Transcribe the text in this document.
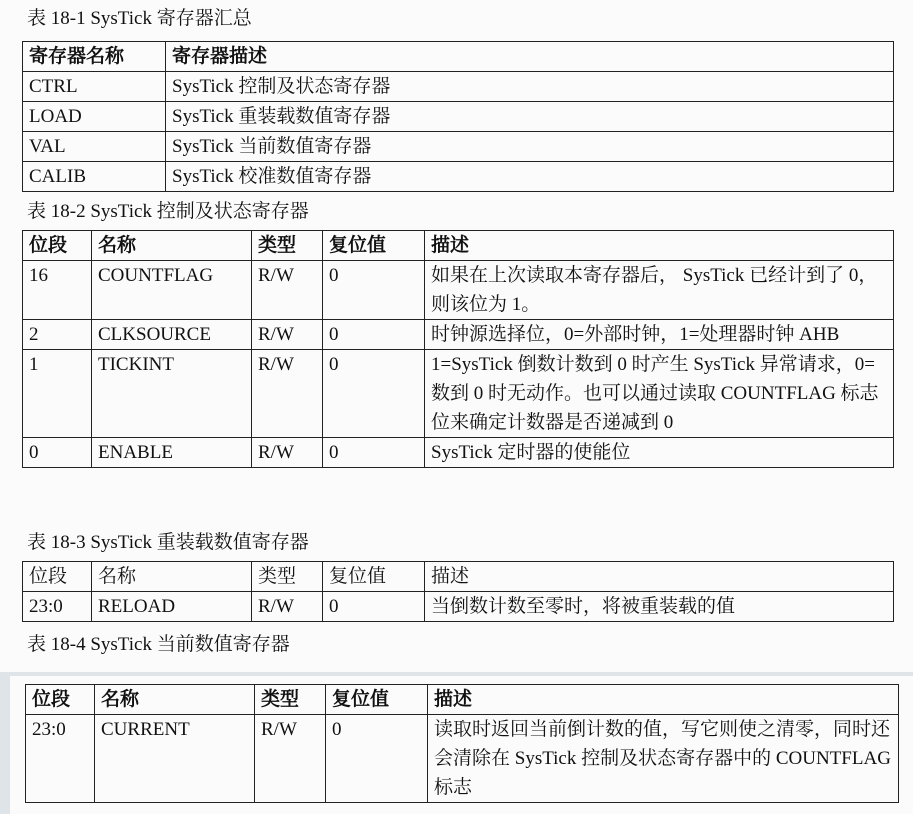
表 18-1 SysTick 寄存器汇总
寄存器名称	寄存器描述
CTRL	SysTick 控制及状态寄存器
LOAD	SysTick 重装载数值寄存器
VAL	SysTick 当前数值寄存器
CALIB	SysTick 校准数值寄存器
表 18-2 SysTick 控制及状态寄存器
位段	名称	类型	复位值	描述
16	COUNTFLAG	R/W	0	如果在上次读取本寄存器后， SysTick 已经计到了 0，则该位为 1。
2	CLKSOURCE	R/W	0	时钟源选择位，0=外部时钟，1=处理器时钟 AHB
1	TICKINT	R/W	0	1=SysTick 倒数计数到 0 时产生 SysTick 异常请求，0=数到 0 时无动作。也可以通过读取 COUNTFLAG 标志位来确定计数器是否递减到 0
0	ENABLE	R/W	0	SysTick 定时器的使能位
表 18-3 SysTick 重装载数值寄存器
位段	名称	类型	复位值	描述
23:0	RELOAD	R/W	0	当倒数计数至零时，将被重装载的值
表 18-4 SysTick 当前数值寄存器
位段	名称	类型	复位值	描述
23:0	CURRENT	R/W	0	读取时返回当前倒计数的值，写它则使之清零，同时还会清除在 SysTick 控制及状态寄存器中的 COUNTFLAG 标志
